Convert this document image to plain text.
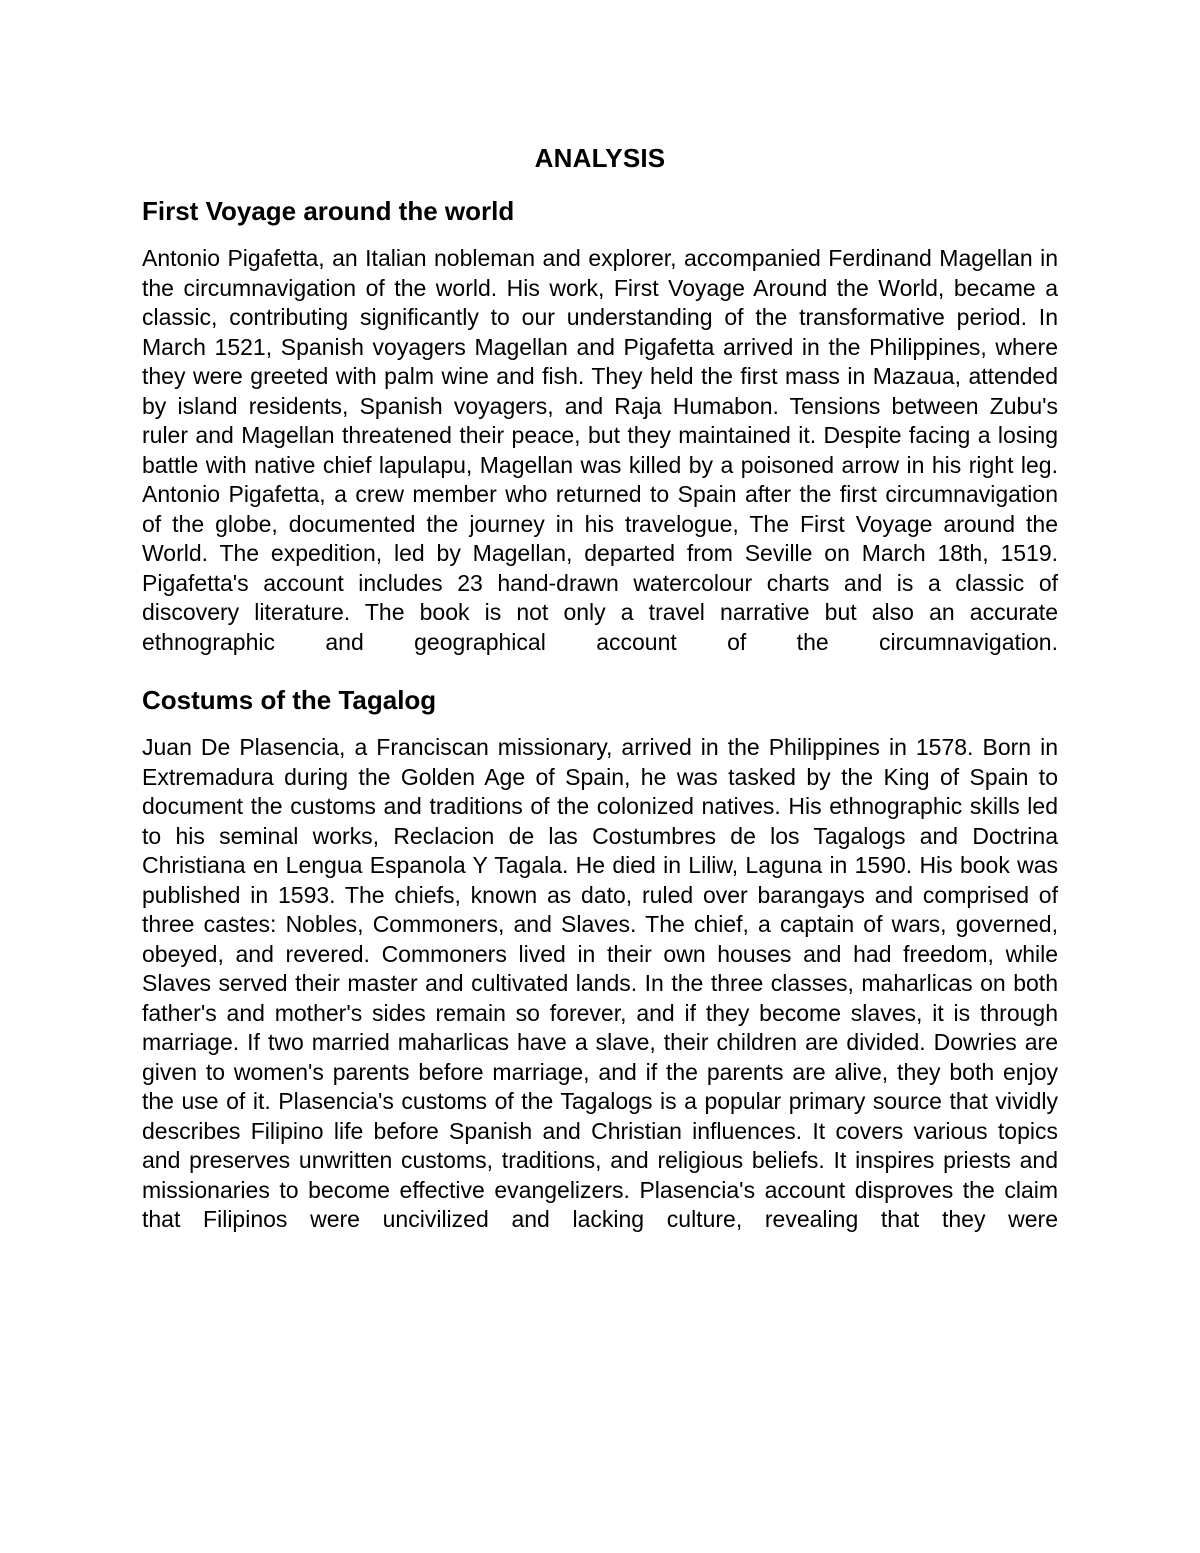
ANALYSIS
First Voyage around the world

Antonio Pigafetta, an Italian nobleman and explorer, accompanied Ferdinand Magellan in the circumnavigation of the world. His work, First Voyage Around the World, became a classic, contributing significantly to our understanding of the transformative period. In March 1521, Spanish voyagers Magellan and Pigafetta arrived in the Philippines, where they were greeted with palm wine and fish. They held the first mass in Mazaua, attended by island residents, Spanish voyagers, and Raja Humabon. Tensions between Zubu's ruler and Magellan threatened their peace, but they maintained it. Despite facing a losing battle with native chief lapulapu, Magellan was killed by a poisoned arrow in his right leg. Antonio Pigafetta, a crew member who returned to Spain after the first circumnavigation of the globe, documented the journey in his travelogue, The First Voyage around the World. The expedition, led by Magellan, departed from Seville on March 18th, 1519. Pigafetta's account includes 23 hand-drawn watercolour charts and is a classic of discovery literature. The book is not only a travel narrative but also an accurate ethnographic and geographical account of the circumnavigation.

Costums of the Tagalog

Juan De Plasencia, a Franciscan missionary, arrived in the Philippines in 1578. Born in Extremadura during the Golden Age of Spain, he was tasked by the King of Spain to document the customs and traditions of the colonized natives. His ethnographic skills led to his seminal works, Reclacion de las Costumbres de los Tagalogs and Doctrina Christiana en Lengua Espanola Y Tagala. He died in Liliw, Laguna in 1590. His book was published in 1593. The chiefs, known as dato, ruled over barangays and comprised of three castes: Nobles, Commoners, and Slaves. The chief, a captain of wars, governed, obeyed, and revered. Commoners lived in their own houses and had freedom, while Slaves served their master and cultivated lands. In the three classes, maharlicas on both father's and mother's sides remain so forever, and if they become slaves, it is through marriage. If two married maharlicas have a slave, their children are divided. Dowries are given to women's parents before marriage, and if the parents are alive, they both enjoy the use of it. Plasencia's customs of the Tagalogs is a popular primary source that vividly describes Filipino life before Spanish and Christian influences. It covers various topics and preserves unwritten customs, traditions, and religious beliefs. It inspires priests and missionaries to become effective evangelizers. Plasencia's account disproves the claim that Filipinos were uncivilized and lacking culture, revealing that they were
